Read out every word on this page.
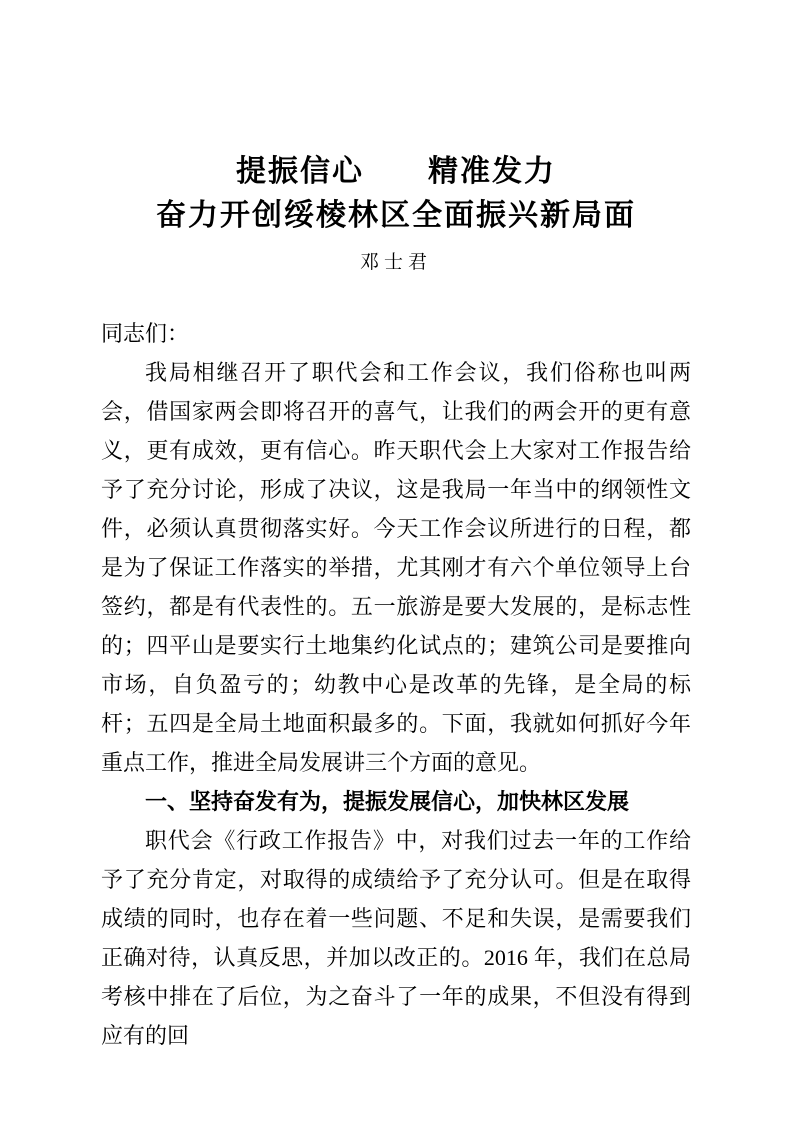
提振信心　　精准发力
奋力开创绥棱林区全面振兴新局面
邓士君

同志们：

我局相继召开了职代会和工作会议，我们俗称也叫两会，借国家两会即将召开的喜气，让我们的两会开的更有意义，更有成效，更有信心。昨天职代会上大家对工作报告给予了充分讨论，形成了决议，这是我局一年当中的纲领性文件，必须认真贯彻落实好。今天工作会议所进行的日程，都是为了保证工作落实的举措，尤其刚才有六个单位领导上台签约，都是有代表性的。五一旅游是要大发展的，是标志性的；四平山是要实行土地集约化试点的；建筑公司是要推向市场，自负盈亏的；幼教中心是改革的先锋，是全局的标杆；五四是全局土地面积最多的。下面，我就如何抓好今年重点工作，推进全局发展讲三个方面的意见。

一、坚持奋发有为，提振发展信心，加快林区发展

职代会《行政工作报告》中，对我们过去一年的工作给予了充分肯定，对取得的成绩给予了充分认可。但是在取得成绩的同时，也存在着一些问题、不足和失误，是需要我们正确对待，认真反思，并加以改正的。2016 年，我们在总局考核中排在了后位，为之奋斗了一年的成果，不但没有得到应有的回
